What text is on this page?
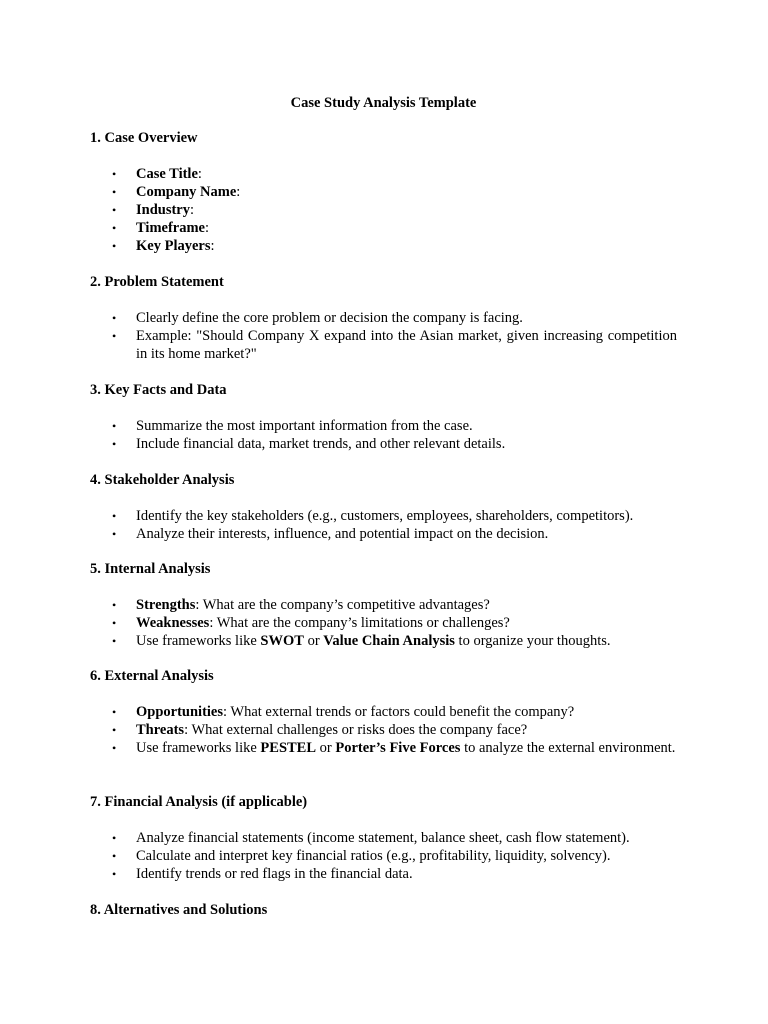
Case Study Analysis Template

1. Case Overview

• Case Title:
• Company Name:
• Industry:
• Timeframe:
• Key Players:

2. Problem Statement

• Clearly define the core problem or decision the company is facing.
• Example: "Should Company X expand into the Asian market, given increasing competition in its home market?"

3. Key Facts and Data

• Summarize the most important information from the case.
• Include financial data, market trends, and other relevant details.

4. Stakeholder Analysis

• Identify the key stakeholders (e.g., customers, employees, shareholders, competitors).
• Analyze their interests, influence, and potential impact on the decision.

5. Internal Analysis

• Strengths: What are the company’s competitive advantages?
• Weaknesses: What are the company’s limitations or challenges?
• Use frameworks like SWOT or Value Chain Analysis to organize your thoughts.

6. External Analysis

• Opportunities: What external trends or factors could benefit the company?
• Threats: What external challenges or risks does the company face?
• Use frameworks like PESTEL or Porter’s Five Forces to analyze the external environment.

7. Financial Analysis (if applicable)

• Analyze financial statements (income statement, balance sheet, cash flow statement).
• Calculate and interpret key financial ratios (e.g., profitability, liquidity, solvency).
• Identify trends or red flags in the financial data.

8. Alternatives and Solutions
